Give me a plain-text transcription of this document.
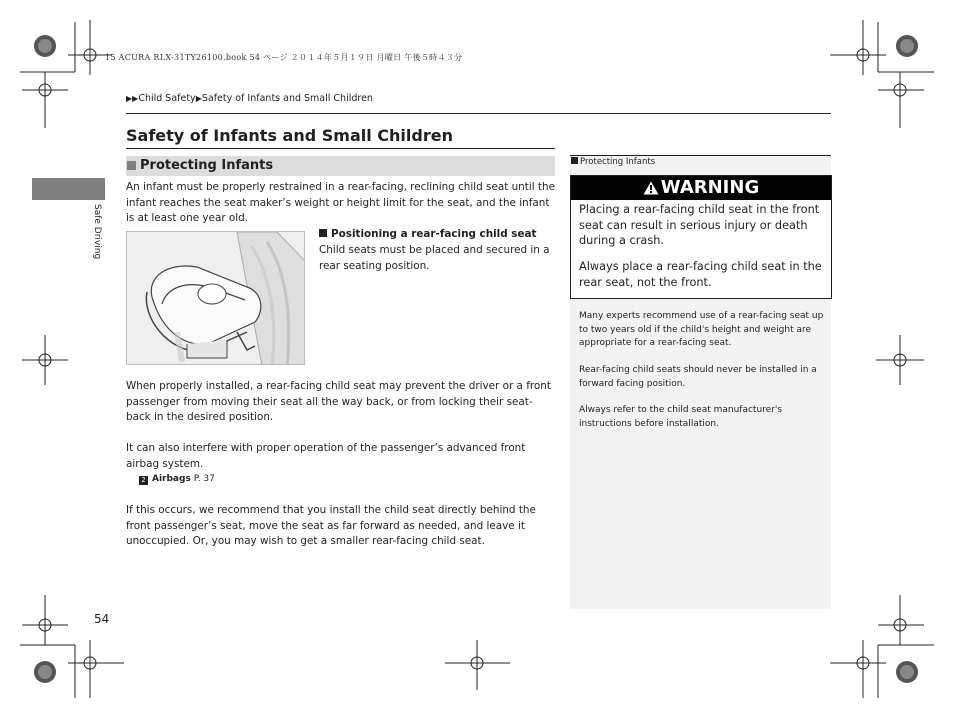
15 ACURA RLX-31TY26100.book 54 ページ ２０１４年５月１９日 月曜日 午後５時４３分
▶▶Child Safety▶Safety of Infants and Small Children
Safety of Infants and Small Children
Safe Driving
Protecting Infants
An infant must be properly restrained in a rear-facing, reclining child seat until the infant reaches the seat maker’s weight or height limit for the seat, and the infant is at least one year old.
Positioning a rear-facing child seat
Child seats must be placed and secured in a rear seating position.
When properly installed, a rear-facing child seat may prevent the driver or a front passenger from moving their seat all the way back, or from locking their seat-back in the desired position.
It can also interfere with proper operation of the passenger’s advanced front airbag system.
2 Airbags P. 37
If this occurs, we recommend that you install the child seat directly behind the front passenger’s seat, move the seat as far forward as needed, and leave it unoccupied. Or, you may wish to get a smaller rear-facing child seat.
54
Protecting Infants
WARNING
Placing a rear-facing child seat in the front seat can result in serious injury or death during a crash.
Always place a rear-facing child seat in the rear seat, not the front.
Many experts recommend use of a rear-facing seat up to two years old if the child's height and weight are appropriate for a rear-facing seat.
Rear-facing child seats should never be installed in a forward facing position.
Always refer to the child seat manufacturer's instructions before installation.
